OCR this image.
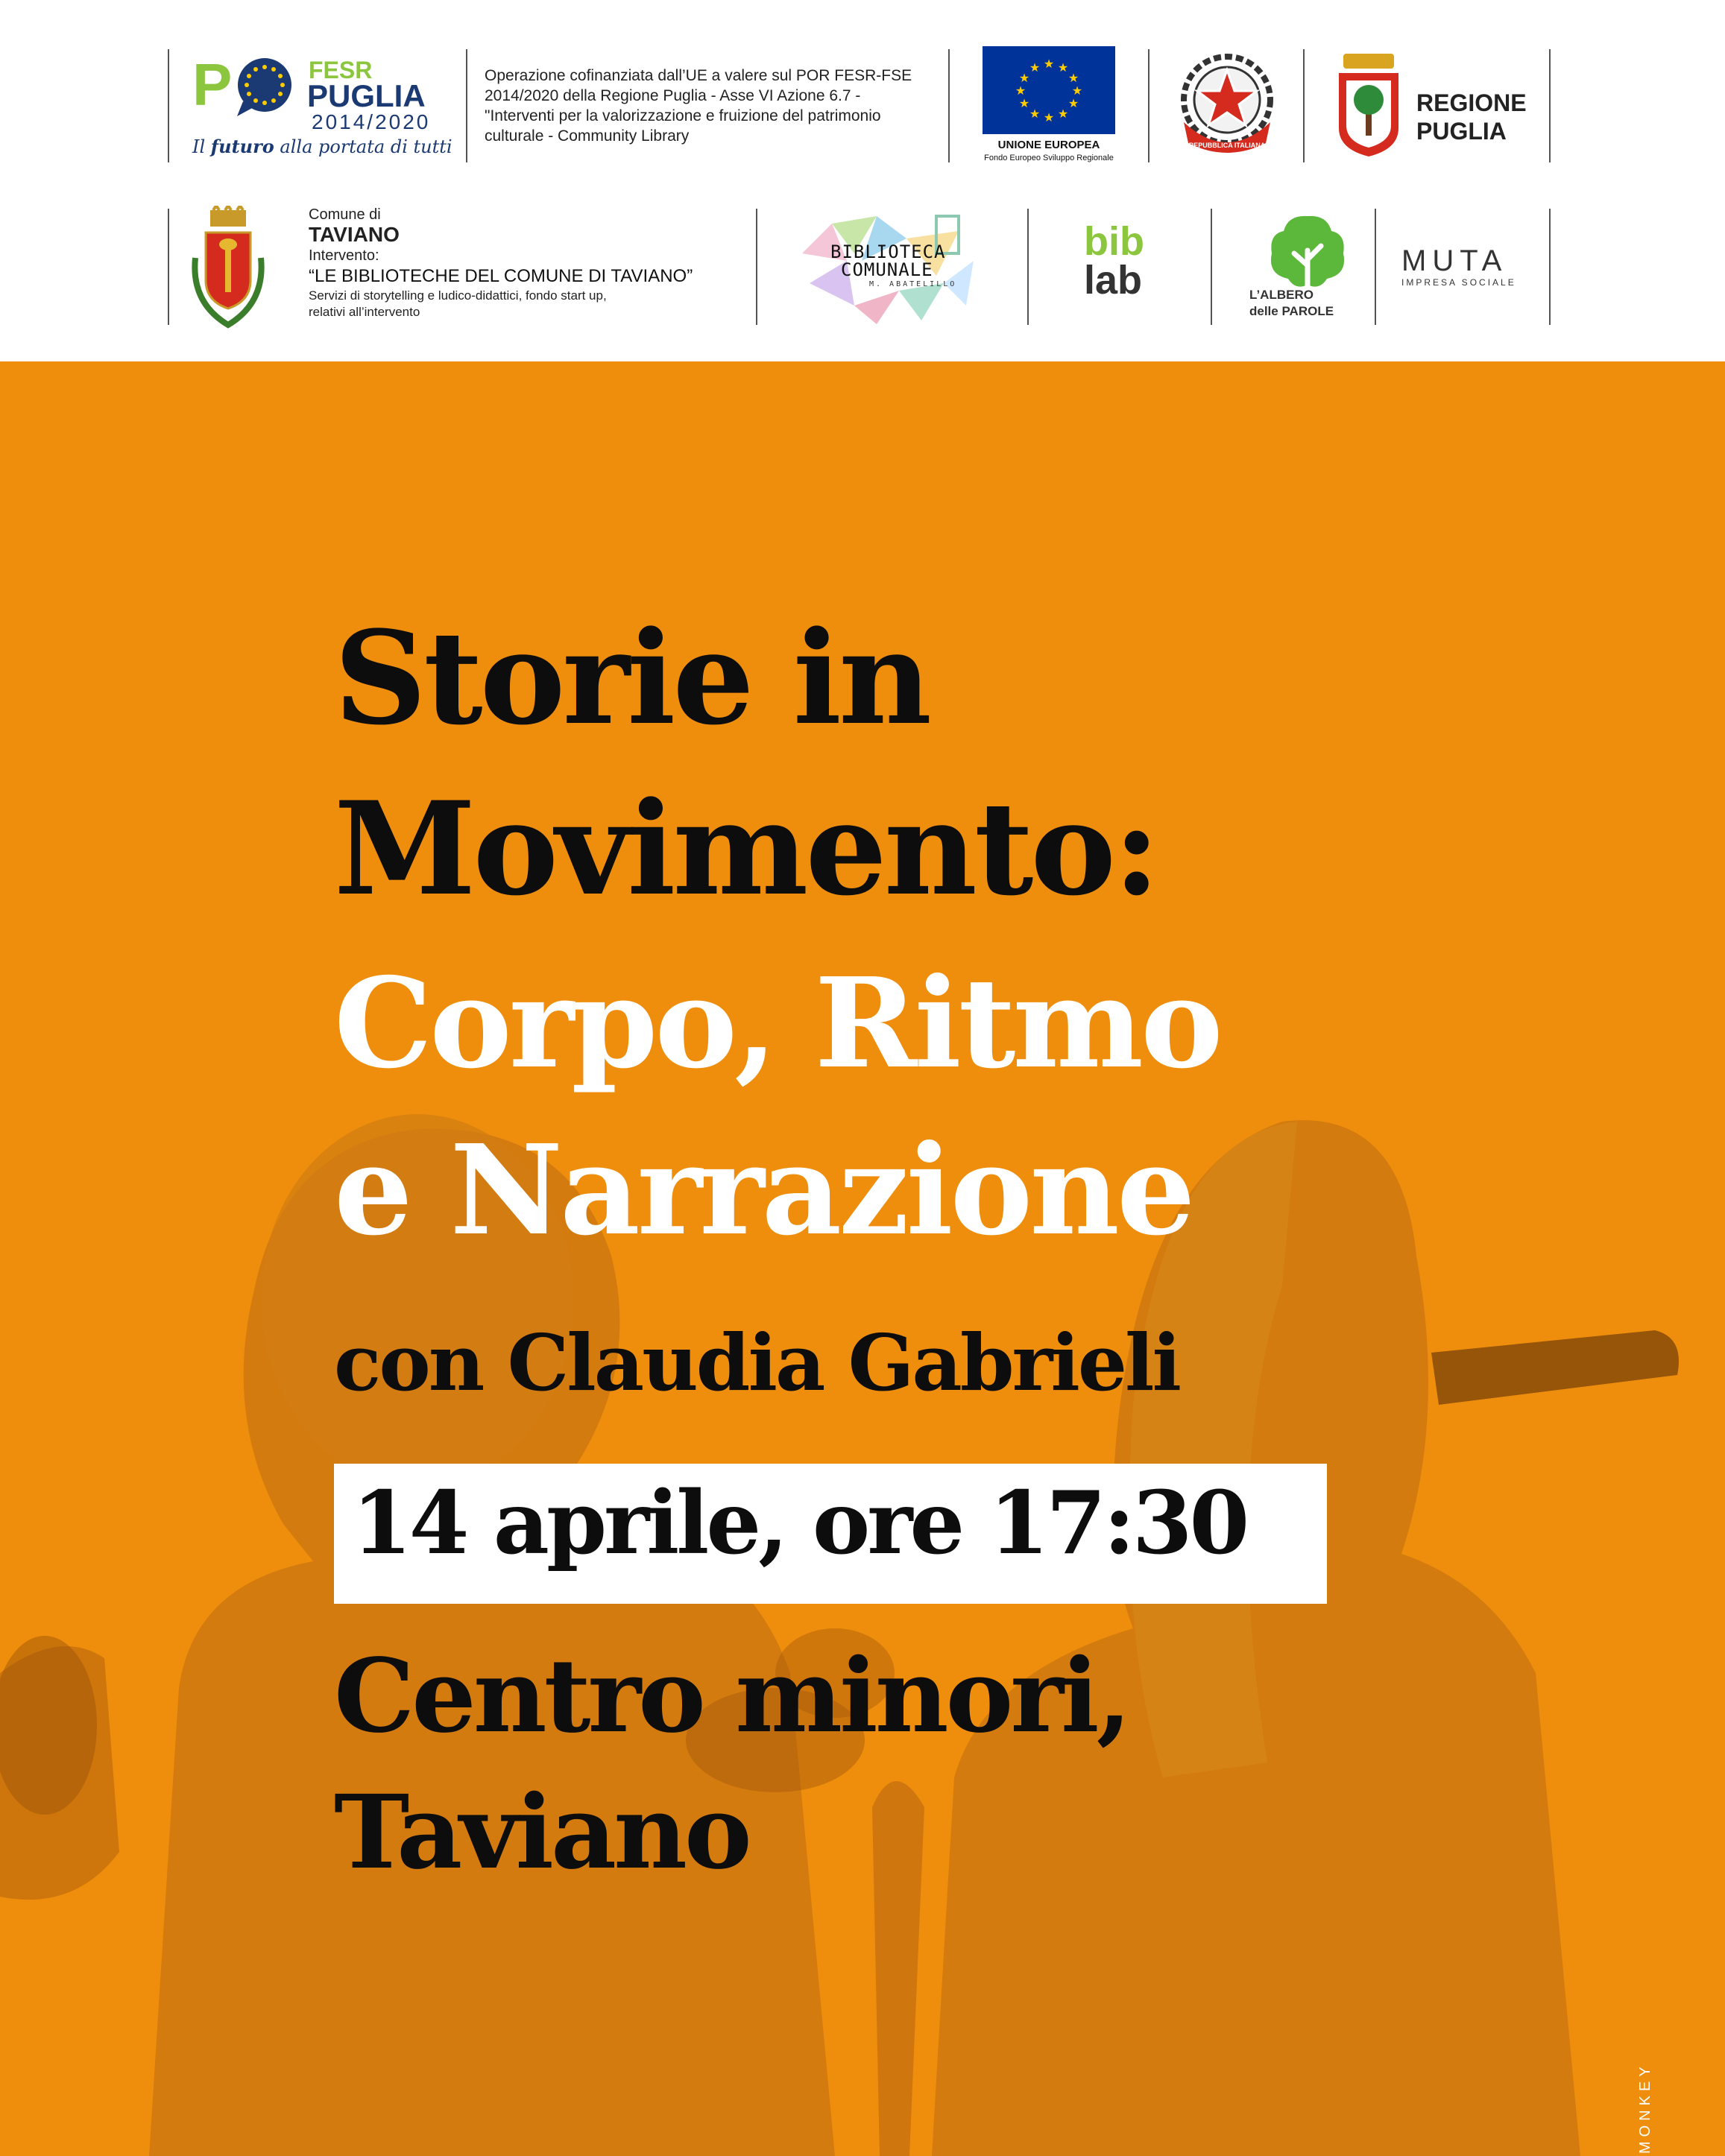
P	FESR
PUGLIA
2014/2020
Il futuro alla portata di tutti
Operazione cofinanziata dall’UE a valere sul POR FESR-FSE
2014/2020 della Regione Puglia - Asse VI Azione 6.7 -
"Interventi per la valorizzazione e fruizione del patrimonio
culturale - Community Library
★ ★
★
★
★
★
★
★
★
★
★
★
UNIONE EUROPEA
Fondo Europeo Sviluppo Regionale
REPUBBLICA ITALIANA
REGIONE
PUGLIA
Comune di
TAVIANO
Intervento:
“LE BIBLIOTECHE DEL COMUNE DI TAVIANO”
Servizi di storytelling e ludico-didattici, fondo start up,
relativi all’intervento
BIBLIOTECA
COMUNALE
M. ABATELILLO
bib
lab	L’ALBERO
delle PAROLE
MUTA
IMPRESA SOCIALE
Storie in
Movimento:
Corpo, Ritmo
e Narrazione
con Claudia Gabrieli
14 aprile, ore 17:30
Centro minori,
Taviano
MONKEY
